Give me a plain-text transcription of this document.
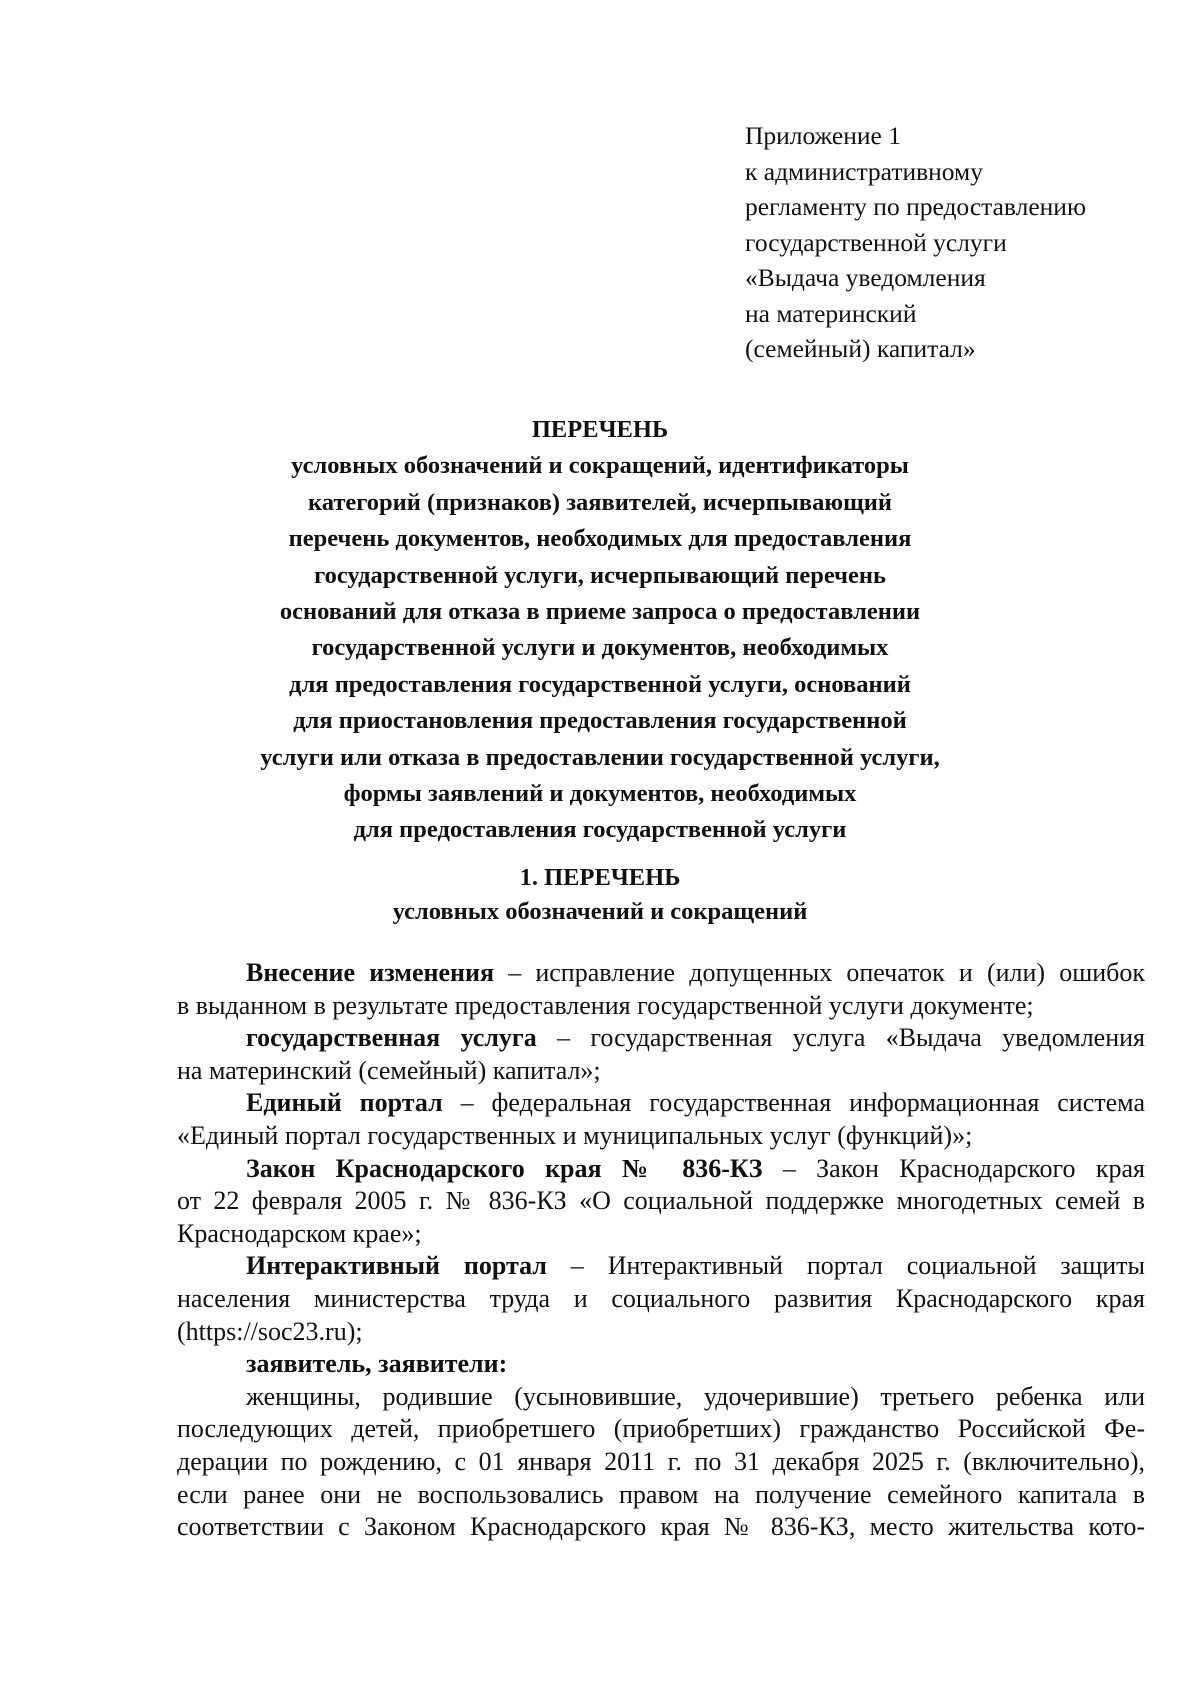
Приложение 1
к административному
регламенту по предоставлению
государственной услуги
«Выдача уведомления
на материнский
(семейный) капитал»
ПЕРЕЧЕНЬ
условных обозначений и сокращений, идентификаторы
категорий (признаков) заявителей, исчерпывающий
перечень документов, необходимых для предоставления
государственной услуги, исчерпывающий перечень
оснований для отказа в приеме запроса о предоставлении
государственной услуги и документов, необходимых
для предоставления государственной услуги, оснований
для приостановления предоставления государственной
услуги или отказа в предоставлении государственной услуги,
формы заявлений и документов, необходимых
для предоставления государственной услуги
1. ПЕРЕЧЕНЬ
условных обозначений и сокращений
Внесение изменения – исправление допущенных опечаток и (или) ошибок
в выданном в результате предоставления государственной услуги документе;
государственная услуга – государственная услуга «Выдача уведомления
на материнский (семейный) капитал»;
Единый портал – федеральная государственная информационная система
«Единый портал государственных и муниципальных услуг (функций)»;
Закон Краснодарского края № 836-КЗ – Закон Краснодарского края
от 22 февраля 2005 г. № 836-КЗ «О социальной поддержке многодетных семей в
Краснодарском крае»;
Интерактивный портал – Интерактивный портал социальной защиты
населения министерства труда и социального развития Краснодарского края
(https://soc23.ru);
заявитель, заявители:
женщины, родившие (усыновившие, удочерившие) третьего ребенка или
последующих детей, приобретшего (приобретших) гражданство Российской Фе-
дерации по рождению, с 01 января 2011 г. по 31 декабря 2025 г. (включительно),
если ранее они не воспользовались правом на получение семейного капитала в
соответствии с Законом Краснодарского края № 836-КЗ, место жительства кото-
